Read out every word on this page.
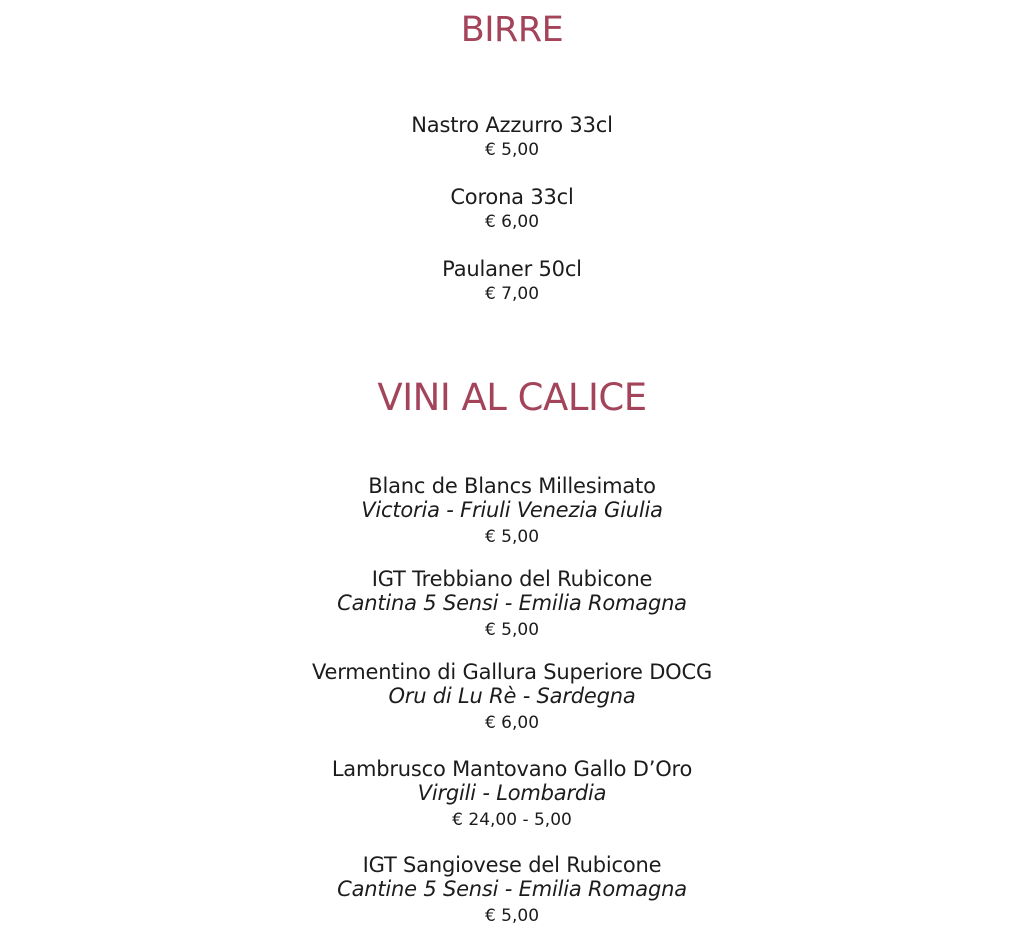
BIRRE
Nastro Azzurro 33cl
€ 5,00
Corona 33cl
€ 6,00
Paulaner 50cl
€ 7,00
VINI AL CALICE
Blanc de Blancs Millesimato
Victoria - Friuli Venezia Giulia
€ 5,00
IGT Trebbiano del Rubicone
Cantina 5 Sensi - Emilia Romagna
€ 5,00
Vermentino di Gallura Superiore DOCG
Oru di Lu Rè - Sardegna
€ 6,00
Lambrusco Mantovano Gallo D’Oro
Virgili - Lombardia
€ 24,00 - 5,00
IGT Sangiovese del Rubicone
Cantine 5 Sensi - Emilia Romagna
€ 5,00
